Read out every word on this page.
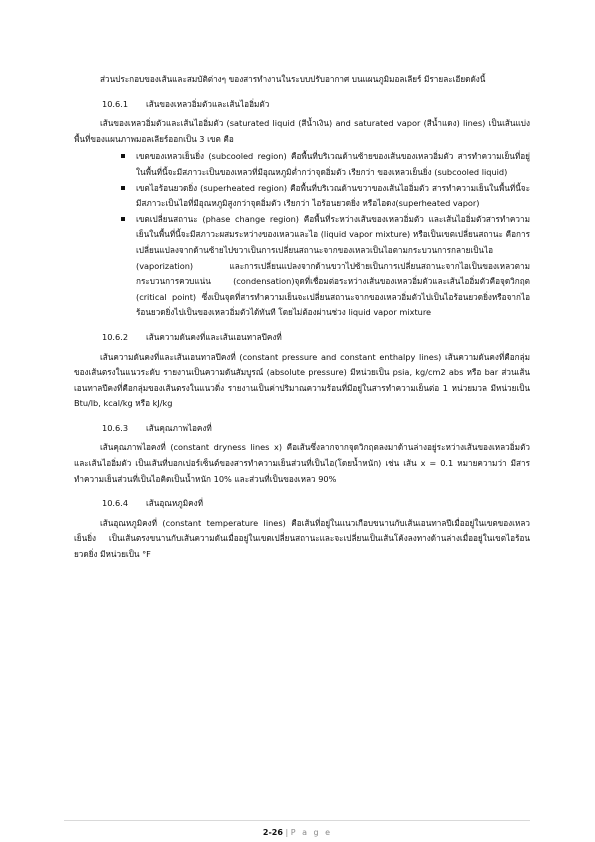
ส่วนประกอบของเส้นและสมบัติต่างๆ ของสารทำงานในระบบปรับอากาศ บนแผนภูมิมอลเลียร์ มีรายละเอียดดังนี้

10.6.1 เส้นของเหลวอิ่มตัวและเส้นไออิ่มตัว

เส้นของเหลวอิ่มตัวและเส้นไออิ่มตัว (saturated liquid (สีน้ำเงิน) and saturated vapor (สีน้ำแดง) lines) เป็นเส้นแบ่งพื้นที่ของแผนภาพมอลเลียร์ออกเป็น 3 เขต คือ

เขตของเหลวเย็นยิ่ง (subcooled region) คือพื้นที่บริเวณด้านซ้ายของเส้นของเหลวอิ่มตัว สารทำความเย็นที่อยู่ในพื้นที่นี้จะมีสภาวะเป็นของเหลวที่มีอุณหภูมิต่ำกว่าจุดอิ่มตัว เรียกว่า ของเหลวเย็นยิ่ง (subcooled liquid)
เขตไอร้อนยวดยิ่ง (superheated region) คือพื้นที่บริเวณด้านขวาของเส้นไออิ่มตัว สารทำความเย็นในพื้นที่นี้จะมีสภาวะเป็นไอที่มีอุณหภูมิสูงกว่าจุดอิ่มตัว เรียกว่า ไอร้อนยวดยิ่ง หรือไอดง(superheated vapor)
เขตเปลี่ยนสถานะ (phase change region) คือพื้นที่ระหว่างเส้นของเหลวอิ่มตัว และเส้นไออิ่มตัวสารทำความเย็นในพื้นที่นี้จะมีสภาวะผสมระหว่างของเหลวและไอ (liquid vapor mixture) หรือเป็นเขตเปลี่ยนสถานะ คือการเปลี่ยนแปลงจากด้านซ้ายไปขวาเป็นการเปลี่ยนสถานะจากของเหลวเป็นไอตามกระบวนการกลายเป็นไอ (vaporization) และการเปลี่ยนแปลงจากด้านขวาไปซ้ายเป็นการเปลี่ยนสถานะจากไอเป็นของเหลวตามกระบวนการควบแน่น (condensation)จุดที่เชื่อมต่อระหว่างเส้นของเหลวอิ่มตัวและเส้นไออิ่มตัวคือจุดวิกฤต (critical point) ซึ่งเป็นจุดที่สารทำความเย็นจะเปลี่ยนสถานะจากของเหลวอิ่มตัวไปเป็นไอร้อนยวดยิ่งหรือจากไอร้อนยวดยิ่งไปเป็นของเหลวอิ่มตัวได้ทันที โดยไม่ต้องผ่านช่วง liquid vapor mixture

10.6.2 เส้นความดันคงที่และเส้นเอนทาลปีคงที่

เส้นความดันคงที่และเส้นเอนทาลปีคงที่ (constant pressure and constant enthalpy lines) เส้นความดันคงที่คือกลุ่มของเส้นตรงในแนวระดับ รายงานเป็นความดันสัมบูรณ์ (absolute pressure) มีหน่วยเป็น psia, kg/cm2 abs หรือ bar ส่วนเส้นเอนทาลปีคงที่คือกลุ่มของเส้นตรงในแนวดิ่ง รายงานเป็นค่าปริมาณความร้อนที่มีอยู่ในสารทำความเย็นต่อ 1 หน่วยมวล มีหน่วยเป็น Btu/lb, kcal/kg หรือ kJ/kg

10.6.3 เส้นคุณภาพไอคงที่

เส้นคุณภาพไอคงที่ (constant dryness lines x) คือเส้นซึ่งลากจากจุดวิกฤตลงมาด้านล่างอยู่ระหว่างเส้นของเหลวอิ่มตัวและเส้นไออิ่มตัว เป็นเส้นที่บอกเปอร์เซ็นต์ของสารทำความเย็นส่วนที่เป็นไอ(โดยน้ำหนัก) เช่น เส้น x = 0.1 หมายความว่า มีสารทำความเย็นส่วนที่เป็นไอคิดเป็นน้ำหนัก 10% และส่วนที่เป็นของเหลว 90%

10.6.4 เส้นอุณหภูมิคงที่

เส้นอุณหภูมิคงที่ (constant temperature lines) คือเส้นที่อยู่ในแนวเกือบขนานกับเส้นเอนทาลปีเมื่ออยู่ในเขตของเหลวเย็นยิ่ง เป็นเส้นตรงขนานกับเส้นความดันเมื่ออยู่ในเขตเปลี่ยนสถานะและจะเปลี่ยนเป็นเส้นโค้งลงทางด้านล่างเมื่ออยู่ในเขตไอร้อนยวดยิ่ง มีหน่วยเป็น °F

2-26 | P a g e
